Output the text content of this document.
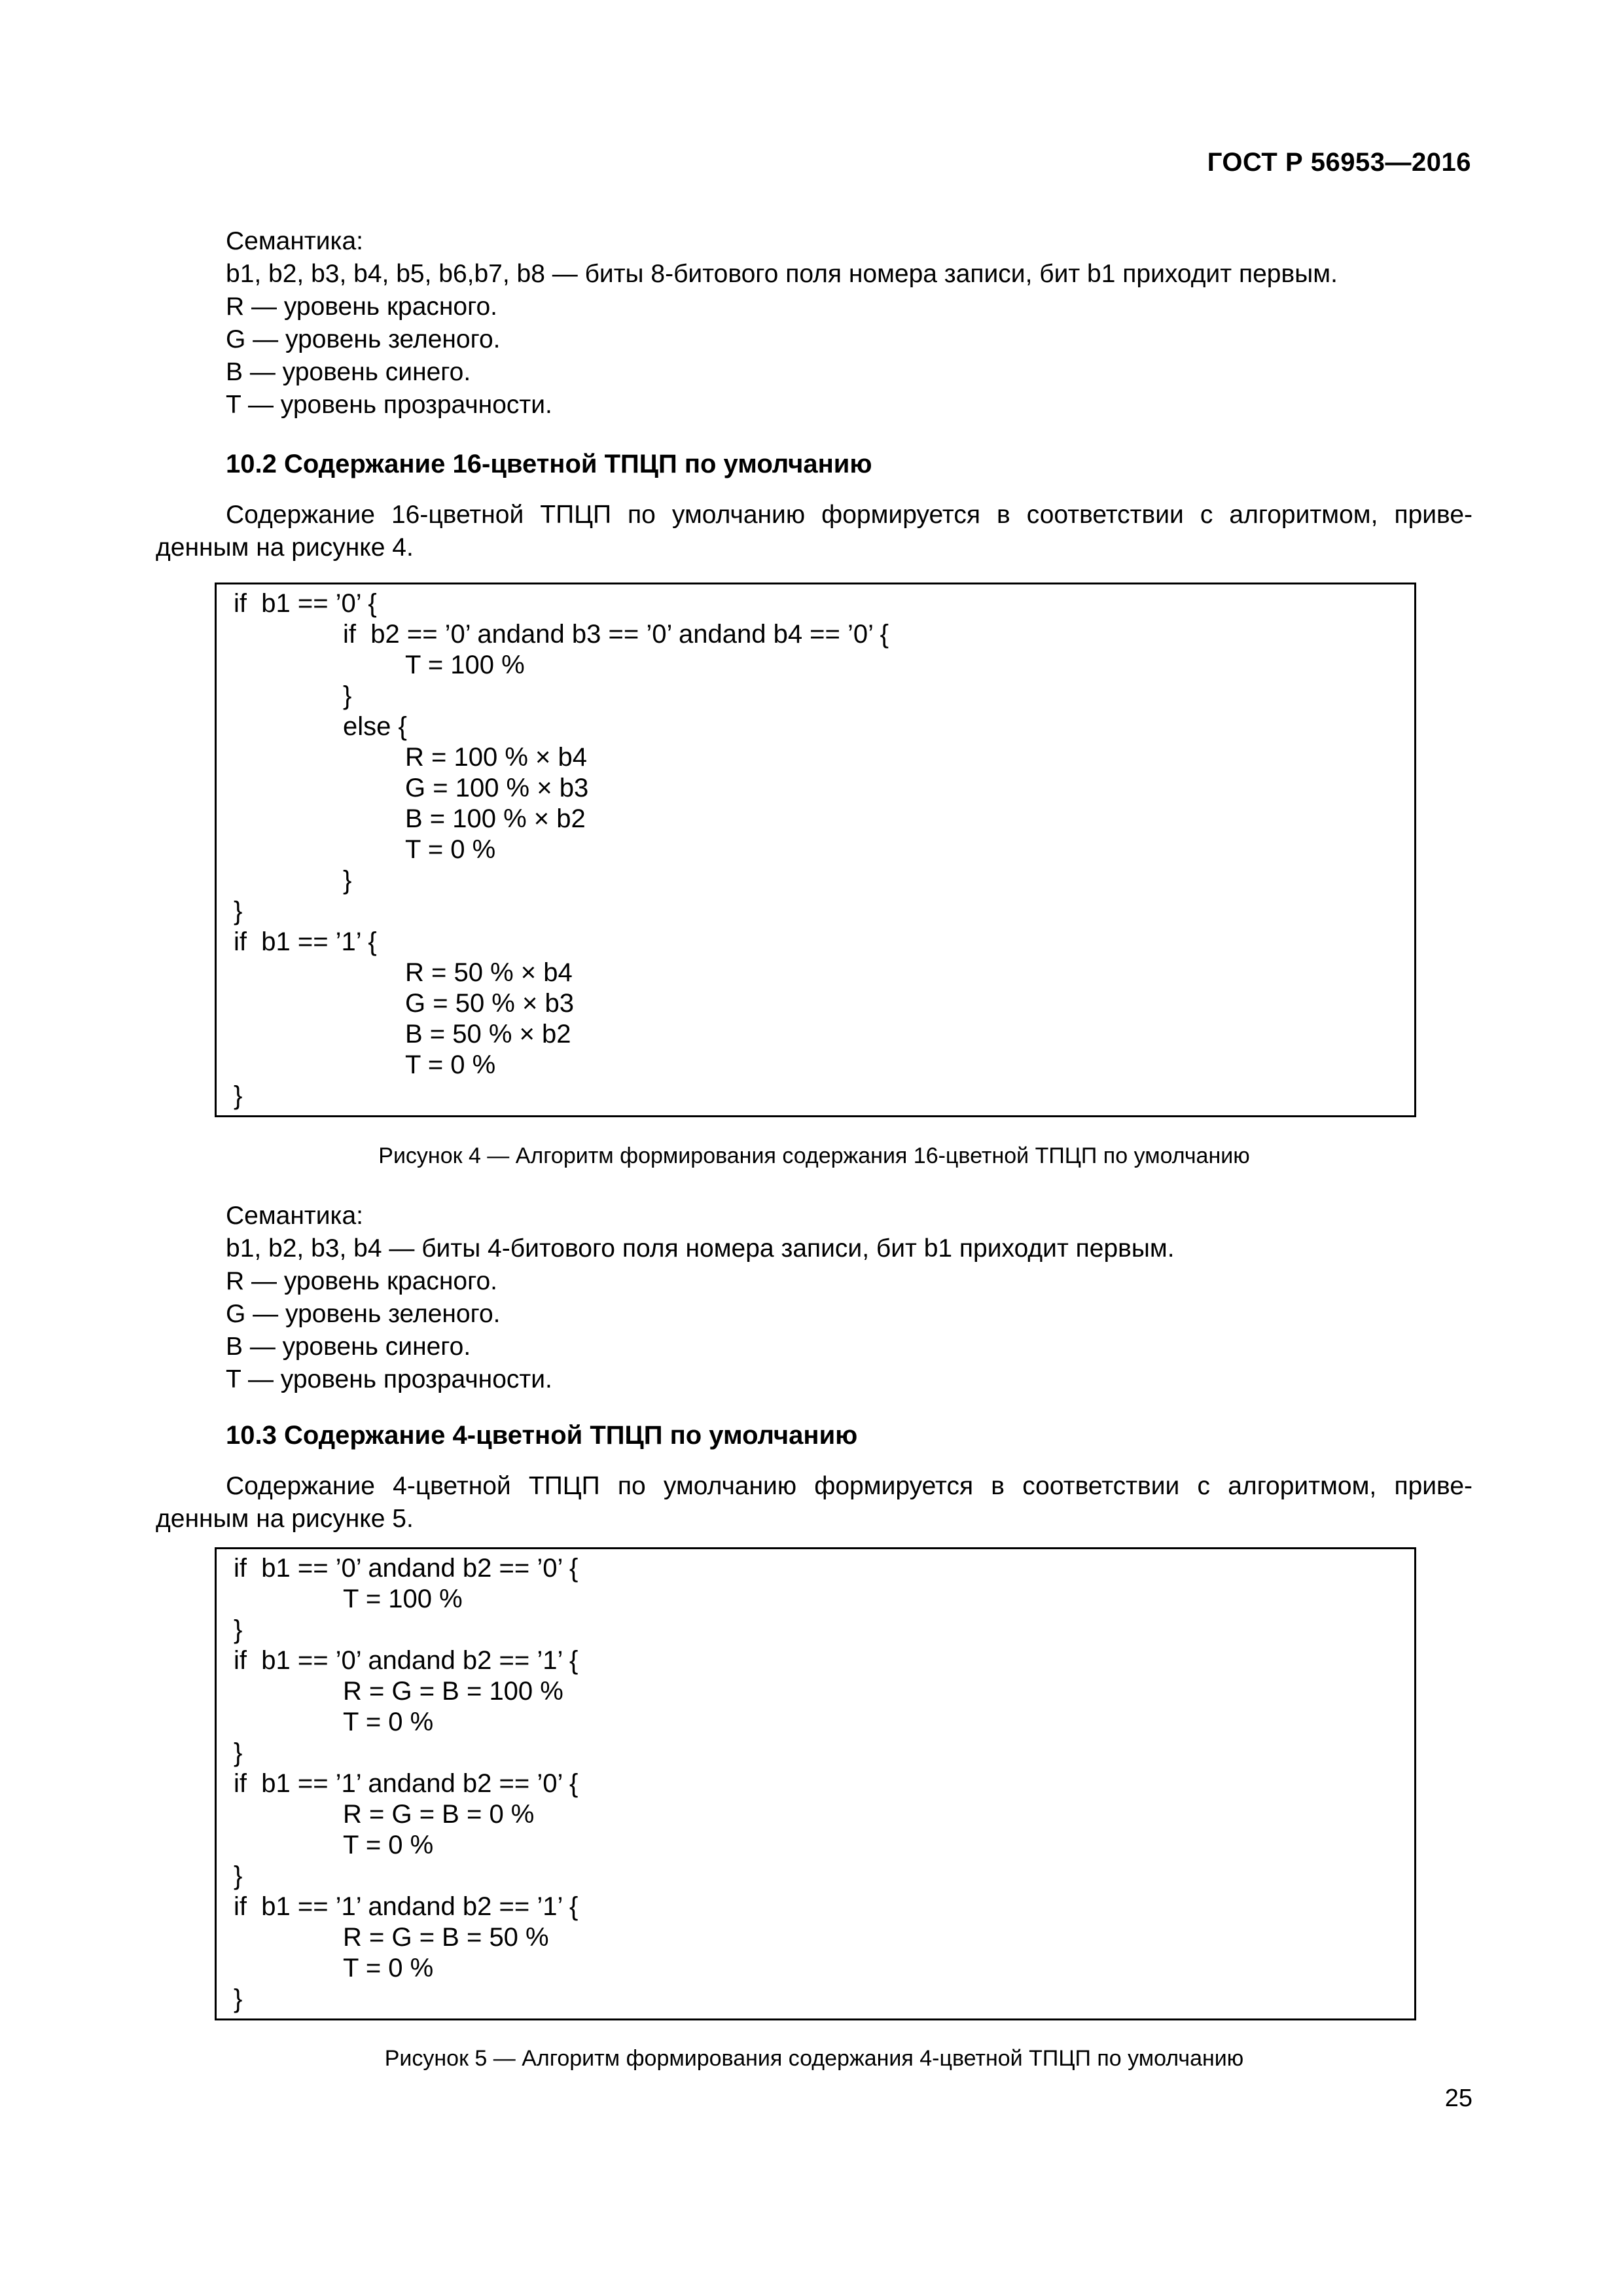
ГОСТ Р 56953—2016
Семантика:
b1, b2, b3, b4, b5, b6,b7, b8 — биты 8-битового поля номера записи, бит b1 приходит первым.
R — уровень красного.
G — уровень зеленого.
B — уровень синего.
T — уровень прозрачности.
10.2 Содержание 16-цветной ТПЦП по умолчанию
Содержание 16-цветной ТПЦП по умолчанию формируется в соответствии с алгоритмом, приве-
денным на рисунке 4.
if  b1 == ’0’ {
if  b2 == ’0’ andand b3 == ’0’ andand b4 == ’0’ {
T = 100 %
}
else {
R = 100 % × b4
G = 100 % × b3
B = 100 % × b2
T = 0 %
}
}
if  b1 == ’1’ {
R = 50 % × b4
G = 50 % × b3
B = 50 % × b2
T = 0 %
}
Рисунок 4 — Алгоритм формирования содержания 16-цветной ТПЦП по умолчанию
Семантика:
b1, b2, b3, b4 — биты 4-битового поля номера записи, бит b1 приходит первым.
R — уровень красного.
G — уровень зеленого.
B — уровень синего.
T — уровень прозрачности.
10.3 Содержание 4-цветной ТПЦП по умолчанию
Содержание 4-цветной ТПЦП по умолчанию формируется в соответствии с алгоритмом, приве-
денным на рисунке 5.
if  b1 == ’0’ andand b2 == ’0’ {
T = 100 %
}
if  b1 == ’0’ andand b2 == ’1’ {
R = G = B = 100 %
T = 0 %
}
if  b1 == ’1’ andand b2 == ’0’ {
R = G = B = 0 %
T = 0 %
}
if  b1 == ’1’ andand b2 == ’1’ {
R = G = B = 50 %
T = 0 %
}
Рисунок 5 — Алгоритм формирования содержания 4-цветной ТПЦП по умолчанию
25
